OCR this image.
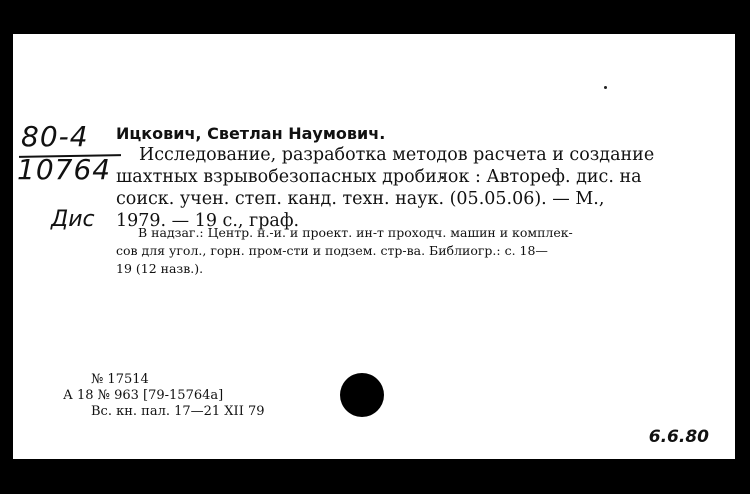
80-4
10764
Дис
Ицкович, Светлан Наумович.
Исследование, разработка методов расчета и создание
шахтных взрывобезопасных дробилок : Автореф. дис. на
соиск. учен. степ. канд. техн. наук. (05.05.06). — М.,
1979. — 19 с., граф.
В надзаг.: Центр. н.-и. и проект. ин-т проходч. машин и комплек-
сов для угол., горн. пром-сти и подзем. стр-ва. Библиогр.: с. 18—
19 (12 назв.).
№ 17514
А 18 № 963 [79-15764а]
Вс. кн. пал. 17—21 XII 79
6.6.80
